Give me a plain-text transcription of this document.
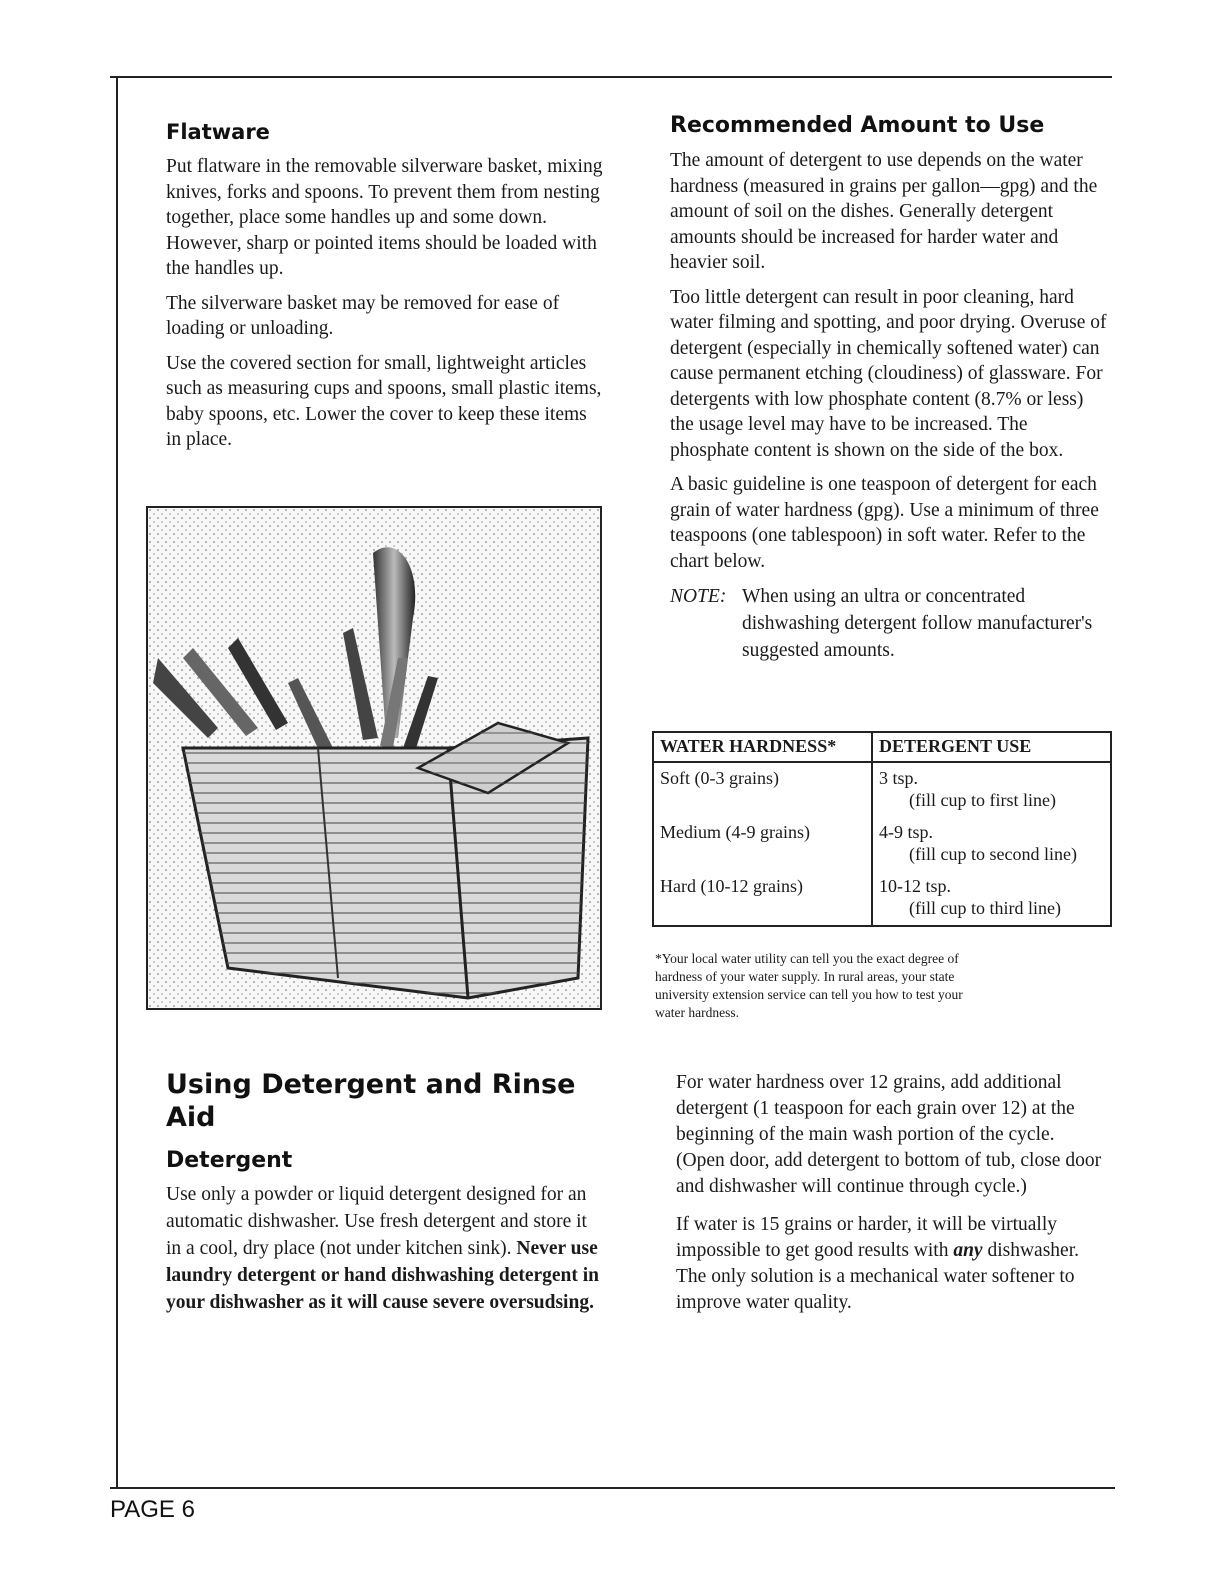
Flatware

Put flatware in the removable silverware basket, mixing knives, forks and spoons. To prevent them from nesting together, place some handles up and some down. However, sharp or pointed items should be loaded with the handles up.

The silverware basket may be removed for ease of loading or unloading.

Use the covered section for small, lightweight articles such as measuring cups and spoons, small plastic items, baby spoons, etc. Lower the cover to keep these items in place.

Using Detergent and Rinse Aid
Detergent

Use only a powder or liquid detergent designed for an automatic dishwasher. Use fresh detergent and store it in a cool, dry place (not under kitchen sink). Never use laundry detergent or hand dishwashing detergent in your dishwasher as it will cause severe oversudsing.

Recommended Amount to Use

The amount of detergent to use depends on the water hardness (measured in grains per gallon—gpg) and the amount of soil on the dishes. Generally detergent amounts should be increased for harder water and heavier soil.

Too little detergent can result in poor cleaning, hard water filming and spotting, and poor drying. Overuse of detergent (especially in chemically softened water) can cause permanent etching (cloudiness) of glassware. For detergents with low phosphate content (8.7% or less) the usage level may have to be increased. The phosphate content is shown on the side of the box.

A basic guideline is one teaspoon of detergent for each grain of water hardness (gpg). Use a minimum of three teaspoons (one tablespoon) in soft water. Refer to the chart below.

NOTE: When using an ultra or concentrated dishwashing detergent follow manufacturer's suggested amounts.
WATER HARDNESS*	DETERGENT USE
Soft (0-3 grains)	3 tsp.
(fill cup to first line)

Medium (4-9 grains)	4-9 tsp.
(fill cup to second line)

Hard (10-12 grains)	10-12 tsp.
(fill cup to third line)
*Your local water utility can tell you the exact degree of
hardness of your water supply. In rural areas, your state
university extension service can tell you how to test your
water hardness.

For water hardness over 12 grains, add additional detergent (1 teaspoon for each grain over 12) at the beginning of the main wash portion of the cycle. (Open door, add detergent to bottom of tub, close door and dishwasher will continue through cycle.)

If water is 15 grains or harder, it will be virtually impossible to get good results with any dishwasher. The only solution is a mechanical water softener to improve water quality.

PAGE 6
